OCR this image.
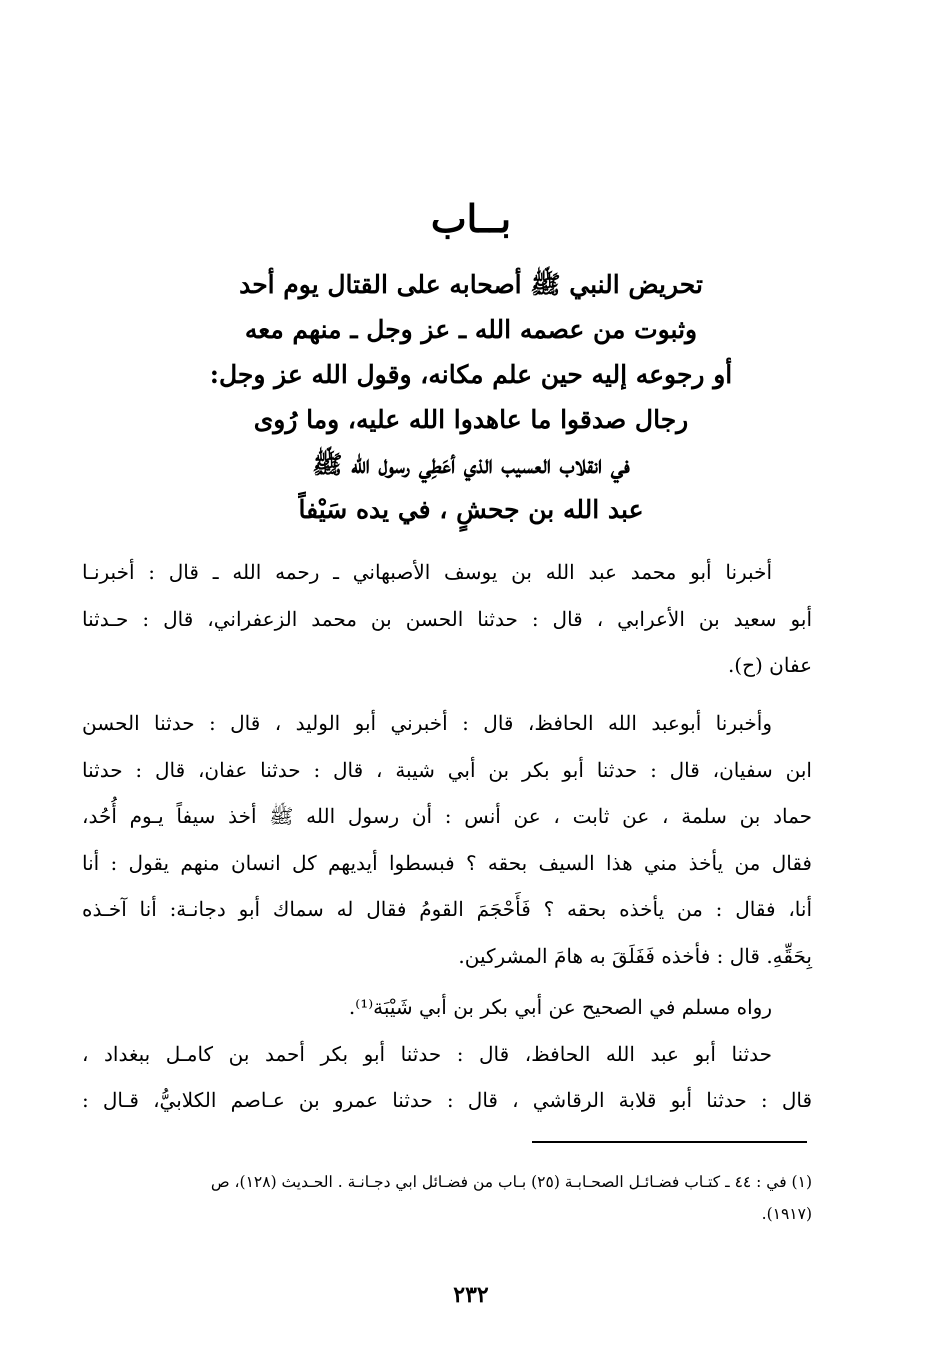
بــاب
تحريض النبي ﷺ أصحابه على القتال يوم أحد
وثبوت من عصمه الله ـ عز وجل ـ منهم معه
أو رجوعه إليه حين علم مكانه، وقول الله عز وجل:
رجال صدقوا ما عاهدوا الله عليه، وما رُوى
في انقلاب العسيب الذي أعَطِي رسول الله ﷺ
عبد الله بن جحشٍ ، في يده سَيْفاً
أخبرنا أبو محمد عبد الله بن يوسف الأصبهاني ـ رحمه الله ـ قال : أخبرنـا
أبو سعيد بن الأعرابي ، قال : حدثنا الحسن بن محمد الزعفراني، قال : حـدثنا
عفان (ح).
وأخبرنا أبوعبد الله الحافظ، قال : أخبرني أبو الوليد ، قال : حدثنا الحسن
ابن سفيان، قال : حدثنا أبو بكر بن أبي شيبة ، قال : حدثنا عفان، قال : حدثنا
حماد بن سلمة ، عن ثابت ، عن أنس : أن رسول الله ﷺ أخذ سيفاً يـوم أُحُد،
فقال من يأخذ مني هذا السيف بحقه ؟ فبسطوا أيديهم كل انسان منهم يقول : أنا
أنا، فقال : من يأخذه بحقه ؟ فَأَحْجَمَ القومُ فقال له سماك أبو دجانـة: أنا آخـذه
بِحَقِّهِ. قال : فأخذه فَفَلَقَ به هامَ المشركين.
رواه مسلم في الصحيح عن أبي بكر بن أبي شَيْبَة⁽¹⁾.
حدثنا أبو عبد الله الحافظ، قال : حدثنا أبو بكر أحمد بن كامـل ببغداد ،
قال : حدثنا أبو قلابة الرقاشي ، قال : حدثنا عمرو بن عـاصم الكلابيُّ، قـال :
(١) في : ٤٤ ـ كتـاب فضـائـل الصحـابـة (٢٥) بـاب من فضـائل ابي دجـانـة . الحـديث (١٢٨)، ص
(١٩١٧).
٢٣٢
